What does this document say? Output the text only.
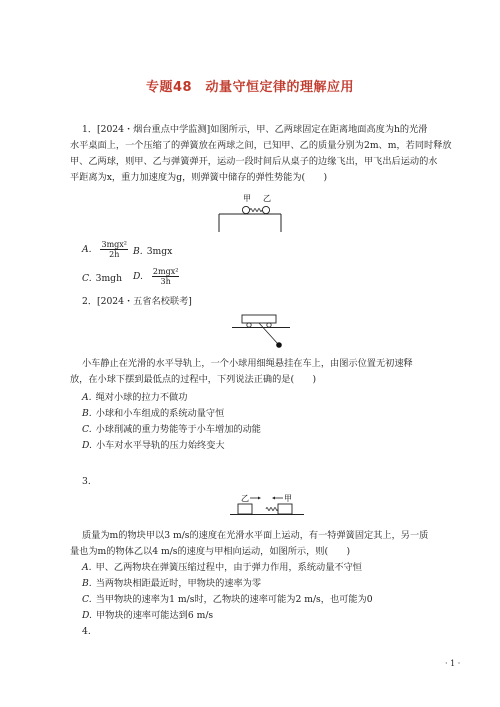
专题48　动量守恒定律的理解应用
1．[2024・烟台重点中学监测]如图所示，甲、乙两球固定在距离地面高度为h的光滑
水平桌面上，一个压缩了的弹簧放在两球之间，已知甲、乙的质量分别为2m、m，若同时释放
甲、乙两球，则甲、乙与弹簧弹开，运动一段时间后从桌子的边缘飞出，甲飞出后运动的水
平距离为x，重力加速度为g，则弹簧中储存的弹性势能为(　　)
甲 乙
A. $\frac{\text{3mgx²}}{2h} B$. 3mgx
C. 3mgh D. $\frac{\text{2mgx²}}{3h}$
2．[2024・五省名校联考]
小车静止在光滑的水平导轨上，一个小球用细绳悬挂在车上，由图示位置无初速释
放，在小球下摆到最低点的过程中，下列说法正确的是(　　)
A. 绳对小球的拉力不做功
B. 小球和小车组成的系统动量守恒
C. 小球削减的重力势能等于小车增加的动能
D. 小车对水平导轨的压力始终变大
3.
乙	甲
质量为m的物块甲以3 m/s的速度在光滑水平面上运动，有一特弹簧固定其上，另一质
量也为m的物体乙以4 m/s的速度与甲相向运动，如图所示，则(　　)
A. 甲、乙两物块在弹簧压缩过程中，由于弹力作用，系统动量不守恒
B. 当两物块相距最近时，甲物块的速率为零
C. 当甲物块的速率为1 m/s时，乙物块的速率可能为2 m/s，也可能为0
D. 甲物块的速率可能达到6 m/s
4.
· 1 ·
